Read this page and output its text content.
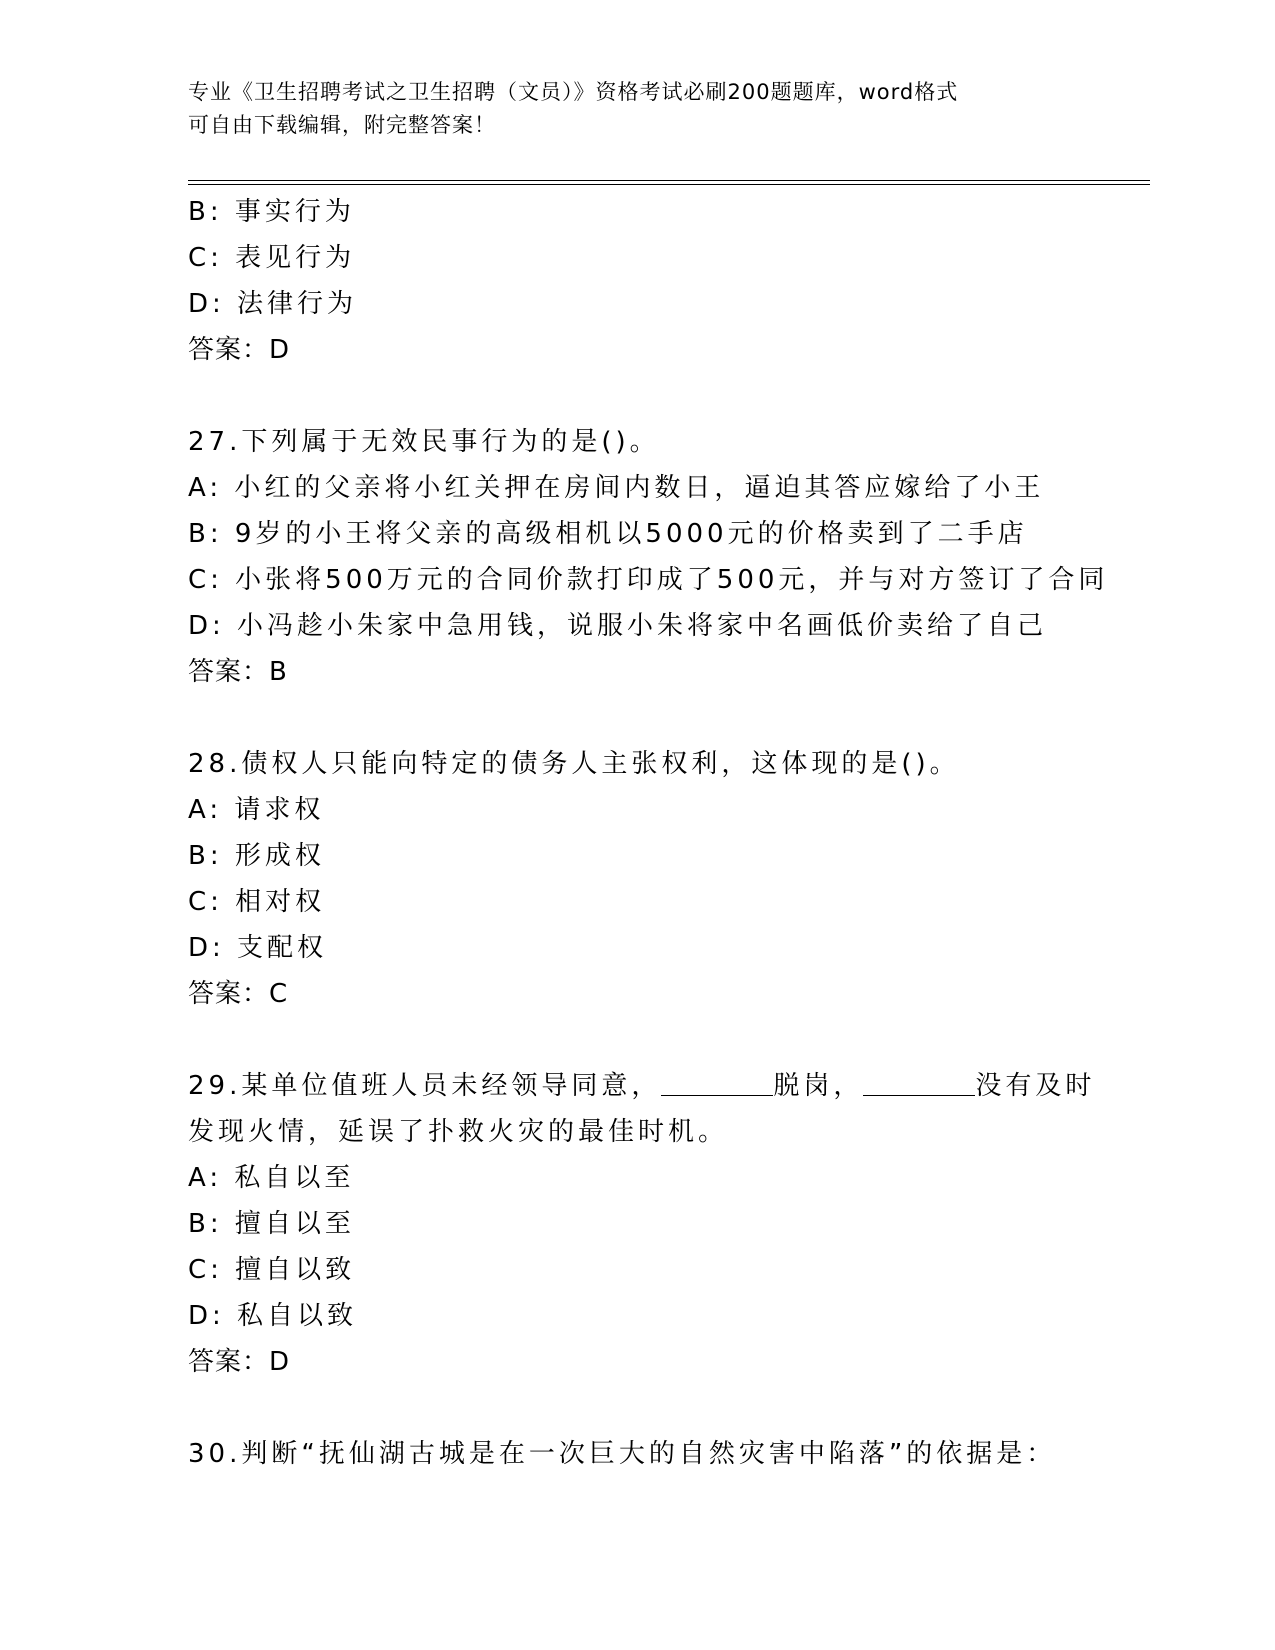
专业《卫生招聘考试之卫生招聘（文员）》资格考试必刷200题题库，word格式
可自由下载编辑，附完整答案！
B: 事实行为
C: 表见行为
D: 法律行为
答案：D
27.下列属于无效民事行为的是()。
A: 小红的父亲将小红关押在房间内数日，逼迫其答应嫁给了小王
B: 9岁的小王将父亲的高级相机以5000元的价格卖到了二手店
C: 小张将500万元的合同价款打印成了500元，并与对方签订了合同
D: 小冯趁小朱家中急用钱，说服小朱将家中名画低价卖给了自己
答案：B
28.债权人只能向特定的债务人主张权利，这体现的是()。
A: 请求权
B: 形成权
C: 相对权
D: 支配权
答案：C
29.某单位值班人员未经领导同意，	脱岗，	没有及时
发现火情，延误了扑救火灾的最佳时机。
A: 私自以至
B: 擅自以至
C: 擅自以致
D: 私自以致
答案：D
30.判断“抚仙湖古城是在一次巨大的自然灾害中陷落”的依据是：
